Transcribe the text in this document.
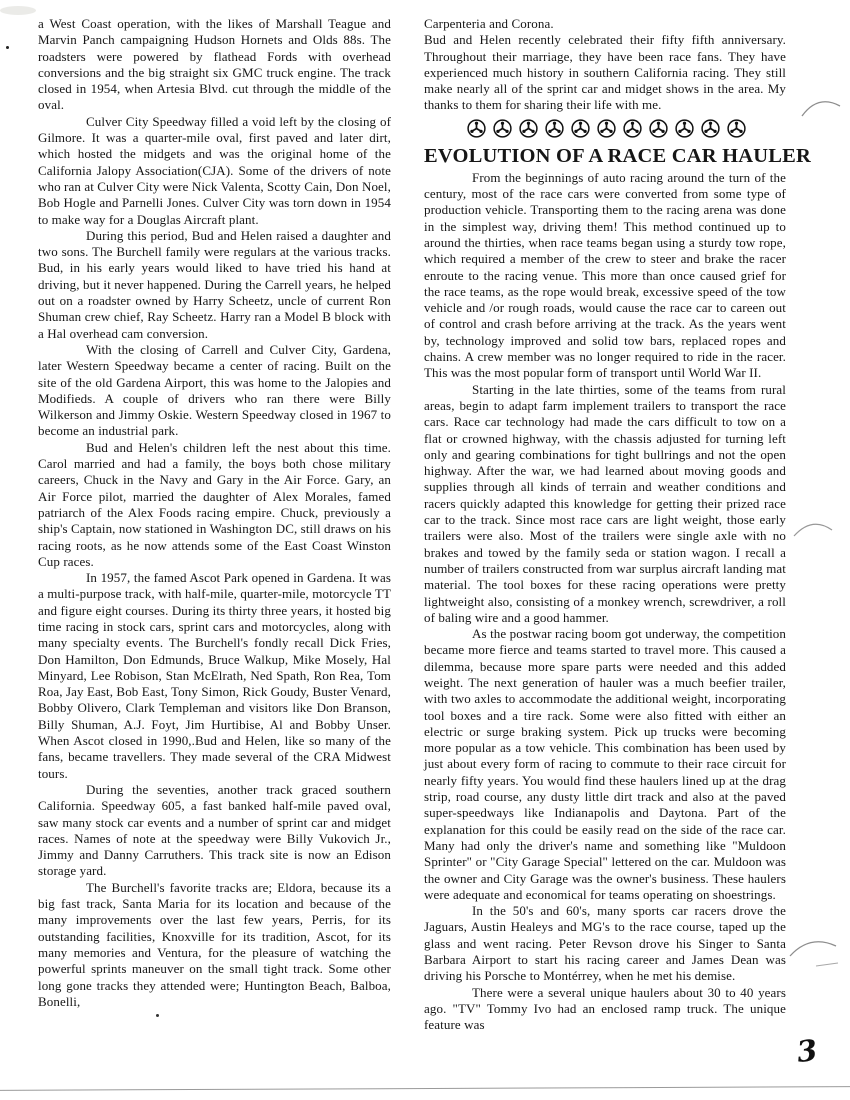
a West Coast operation, with the likes of Marshall Teague and Marvin Panch campaigning Hudson Hornets and Olds 88s. The roadsters were powered by flathead Fords with overhead conversions and the big straight six GMC truck engine. The track closed in 1954, when Artesia Blvd. cut through the middle of the oval.

Culver City Speedway filled a void left by the closing of Gilmore. It was a quarter-mile oval, first paved and later dirt, which hosted the midgets and was the original home of the California Jalopy Association(CJA). Some of the drivers of note who ran at Culver City were Nick Valenta, Scotty Cain, Don Noel, Bob Hogle and Parnelli Jones. Culver City was torn down in 1954 to make way for a Douglas Aircraft plant.

During this period, Bud and Helen raised a daughter and two sons. The Burchell family were regulars at the various tracks. Bud, in his early years would liked to have tried his hand at driving, but it never happened. During the Carrell years, he helped out on a roadster owned by Harry Scheetz, uncle of current Ron Shuman crew chief, Ray Scheetz. Harry ran a Model B block with a Hal overhead cam conversion.

With the closing of Carrell and Culver City, Gardena, later Western Speedway became a center of racing. Built on the site of the old Gardena Airport, this was home to the Jalopies and Modifieds. A couple of drivers who ran there were Billy Wilkerson and Jimmy Oskie. Western Speedway closed in 1967 to become an industrial park.

Bud and Helen's children left the nest about this time. Carol married and had a family, the boys both chose military careers, Chuck in the Navy and Gary in the Air Force. Gary, an Air Force pilot, married the daughter of Alex Morales, famed patriarch of the Alex Foods racing empire. Chuck, previously a ship's Captain, now stationed in Washington DC, still draws on his racing roots, as he now attends some of the East Coast Winston Cup races.

In 1957, the famed Ascot Park opened in Gardena. It was a multi-purpose track, with half-mile, quarter-mile, motorcycle TT and figure eight courses. During its thirty three years, it hosted big time racing in stock cars, sprint cars and motorcycles, along with many specialty events. The Burchell's fondly recall Dick Fries, Don Hamilton, Don Edmunds, Bruce Walkup, Mike Mosely, Hal Minyard, Lee Robison, Stan McElrath, Ned Spath, Ron Rea, Tom Roa, Jay East, Bob East, Tony Simon, Rick Goudy, Buster Venard, Bobby Olivero, Clark Templeman and visitors like Don Branson, Billy Shuman, A.J. Foyt, Jim Hurtibise, Al and Bobby Unser. When Ascot closed in 1990,.Bud and Helen, like so many of the fans, became travellers. They made several of the CRA Midwest tours.

During the seventies, another track graced southern California. Speedway 605, a fast banked half-mile paved oval, saw many stock car events and a number of sprint car and midget races. Names of note at the speedway were Billy Vukovich Jr., Jimmy and Danny Carruthers. This track site is now an Edison storage yard.

The Burchell's favorite tracks are; Eldora, because its a big fast track, Santa Maria for its location and because of the many improvements over the last few years, Perris, for its outstanding facilities, Knoxville for its tradition, Ascot, for its many memories and Ventura, for the pleasure of watching the powerful sprints maneuver on the small tight track. Some other long gone tracks they attended were; Huntington Beach, Balboa, Bonelli,

Carpenteria and Corona.

Bud and Helen recently celebrated their fifty fifth anniversary. Throughout their marriage, they have been race fans. They have experienced much history in southern California racing. They still make nearly all of the sprint car and midget shows in the area. My thanks to them for sharing their life with me.

EVOLUTION OF A RACE CAR HAULER

From the beginnings of auto racing around the turn of the century, most of the race cars were converted from some type of production vehicle. Transporting them to the racing arena was done in the simplest way, driving them! This method continued up to around the thirties, when race teams began using a sturdy tow rope, which required a member of the crew to steer and brake the racer enroute to the racing venue. This more than once caused grief for the race teams, as the rope would break, excessive speed of the tow vehicle and /or rough roads, would cause the race car to careen out of control and crash before arriving at the track. As the years went by, technology improved and solid tow bars, replaced ropes and chains. A crew member was no longer required to ride in the racer. This was the most popular form of transport until World War II.

Starting in the late thirties, some of the teams from rural areas, begin to adapt farm implement trailers to transport the race cars. Race car technology had made the cars difficult to tow on a flat or crowned highway, with the chassis adjusted for turning left only and gearing combinations for tight bullrings and not the open highway. After the war, we had learned about moving goods and supplies through all kinds of terrain and weather conditions and racers quickly adapted this knowledge for getting their prized race car to the track. Since most race cars are light weight, those early trailers were also. Most of the trailers were single axle with no brakes and towed by the family seda or station wagon. I recall a number of trailers constructed from war surplus aircraft landing mat material. The tool boxes for these racing operations were pretty lightweight also, consisting of a monkey wrench, screwdriver, a roll of baling wire and a good hammer.

As the postwar racing boom got underway, the competition became more fierce and teams started to travel more. This caused a dilemma, because more spare parts were needed and this added weight. The next generation of hauler was a much beefier trailer, with two axles to accommodate the additional weight, incorporating tool boxes and a tire rack. Some were also fitted with either an electric or surge braking system. Pick up trucks were becoming more popular as a tow vehicle. This combination has been used by just about every form of racing to commute to their race circuit for nearly fifty years. You would find these haulers lined up at the drag strip, road course, any dusty little dirt track and also at the paved super-speedways like Indianapolis and Daytona. Part of the explanation for this could be easily read on the side of the race car. Many had only the driver's name and something like "Muldoon Sprinter" or "City Garage Special" lettered on the car. Muldoon was the owner and City Garage was the owner's business. These haulers were adequate and economical for teams operating on shoestrings.

In the 50's and 60's, many sports car racers drove the Jaguars, Austin Healeys and MG's to the race course, taped up the glass and went racing. Peter Revson drove his Singer to Santa Barbara Airport to start his racing career and James Dean was driving his Porsche to Montérrey, when he met his demise.

There were a several unique haulers about 30 to 40 years ago. "TV" Tommy Ivo had an enclosed ramp truck. The unique feature was

3
